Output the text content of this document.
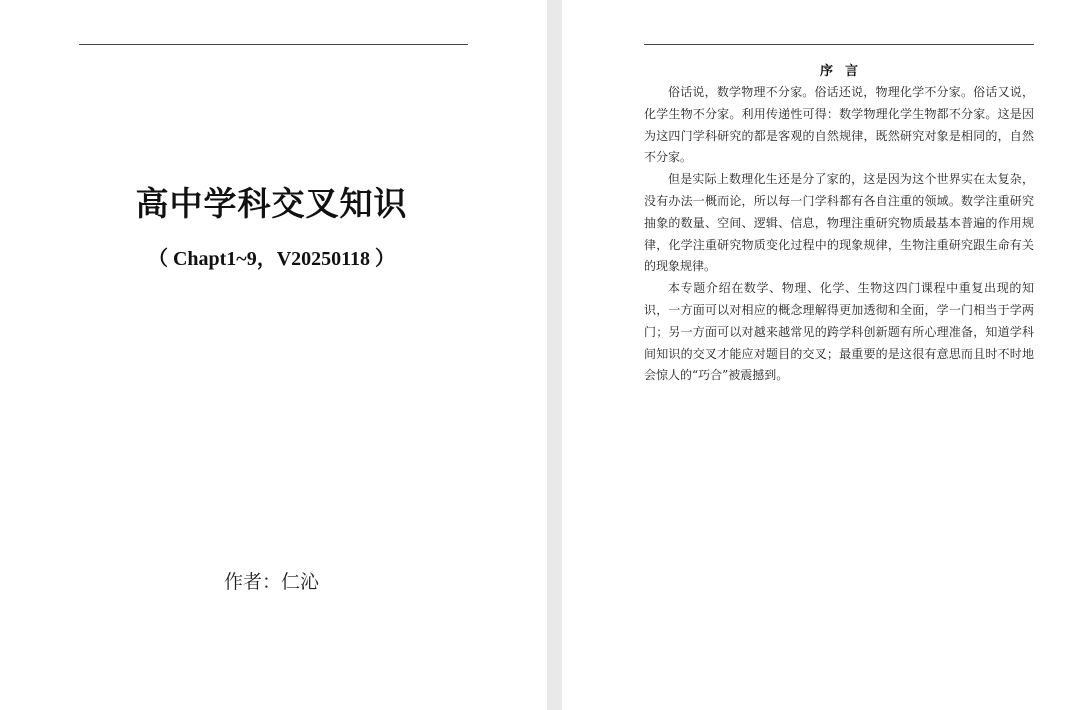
高中学科交叉知识
（ Chapt1~9，V20250118 ）
作者：仁沁
序言

俗话说，数学物理不分家。俗话还说，物理化学不分家。俗话又说，化学生物不分家。利用传递性可得：数学物理化学生物都不分家。这是因为这四门学科研究的都是客观的自然规律，既然研究对象是相同的，自然不分家。

但是实际上数理化生还是分了家的，这是因为这个世界实在太复杂，没有办法一概而论，所以每一门学科都有各自注重的领域。数学注重研究抽象的数量、空间、逻辑、信息，物理注重研究物质最基本普遍的作用规律，化学注重研究物质变化过程中的现象规律，生物注重研究跟生命有关的现象规律。

本专题介绍在数学、物理、化学、生物这四门课程中重复出现的知识，一方面可以对相应的概念理解得更加透彻和全面，学一门相当于学两门；另一方面可以对越来越常见的跨学科创新题有所心理准备，知道学科间知识的交叉才能应对题目的交叉；最重要的是这很有意思而且时不时地会惊人的“巧合”被震撼到。
